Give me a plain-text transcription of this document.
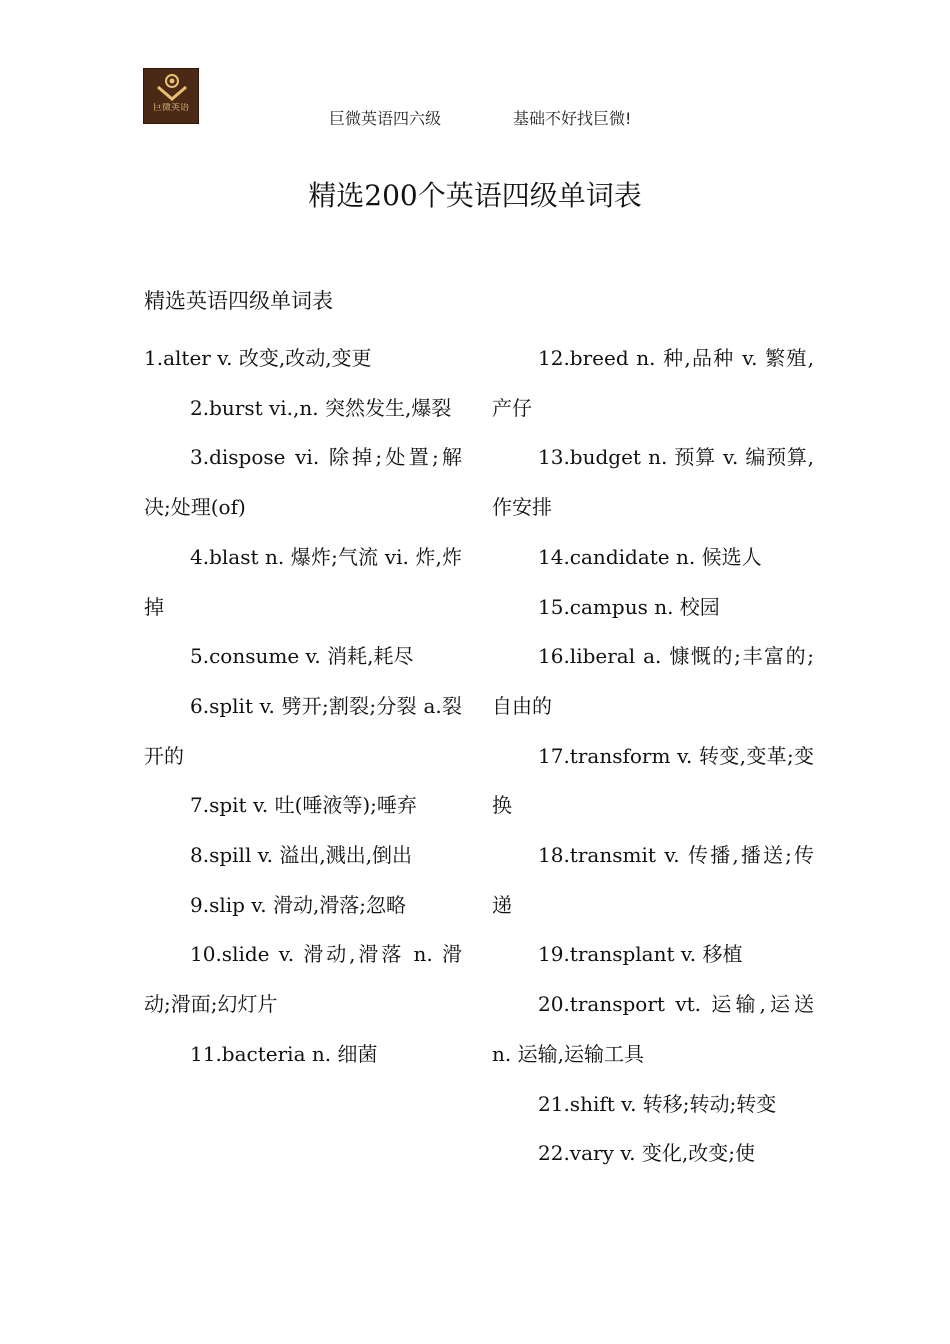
巨微英语
巨微英语四六级	基础不好找巨微!
精选200个英语四级单词表
精选英语四级单词表

1.alter v. 改变,改动,变更

2.burst vi.,n. 突然发生,爆裂

3.dispose vi. 除掉;处置;解决;处理(of)

4.blast n. 爆炸;气流 vi. 炸,炸掉

5.consume v. 消耗,耗尽

6.split v. 劈开;割裂;分裂 a.裂开的

7.spit v. 吐(唾液等);唾弃

8.spill v. 溢出,溅出,倒出

9.slip v. 滑动,滑落;忽略

10.slide v. 滑动,滑落 n. 滑动;滑面;幻灯片

11.bacteria n. 细菌

12.breed n. 种,品种 v. 繁殖,产仔

13.budget n. 预算 v. 编预算,作安排

14.candidate n. 候选人

15.campus n. 校园

16.liberal a. 慷慨的;丰富的;自由的

17.transform v. 转变,变革;变换

18.transmit v. 传播,播送;传递

19.transplant v. 移植

20.transport vt. 运输,运送 n. 运输,运输工具

21.shift v. 转移;转动;转变

22.vary v. 变化,改变;使
